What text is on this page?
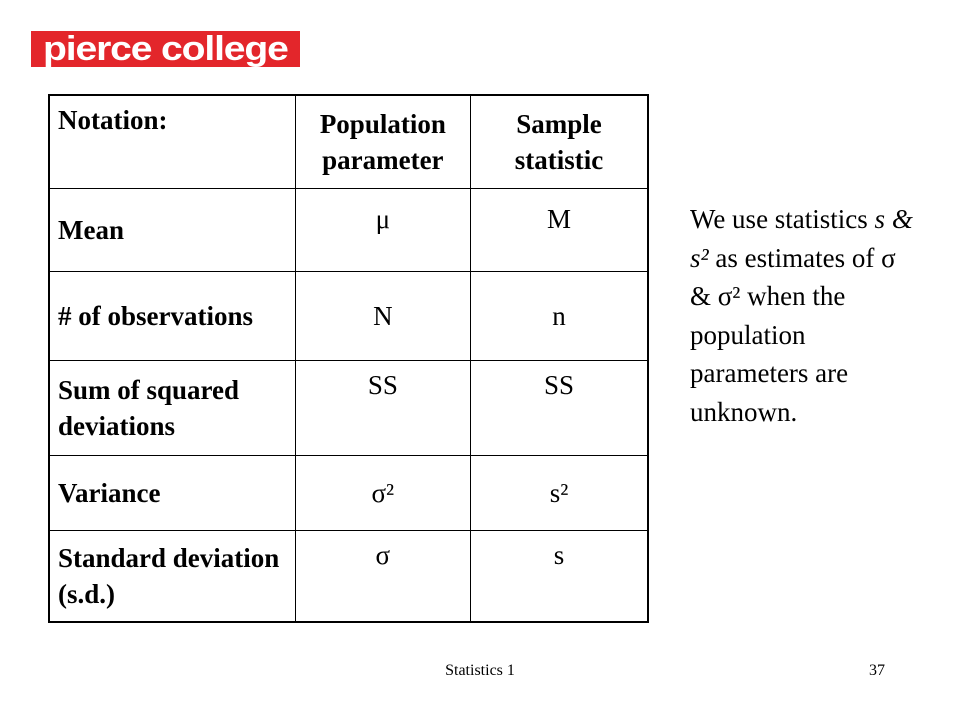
pierce college
Notation:	Population parameter	Sample statistic
Mean	μ	M
# of observations	N	n
Sum of squared deviations	SS	SS
Variance	σ²	s²
Standard deviation (s.d.)	σ	s
We use statistics s & s² as estimates of σ & σ² when the population parameters are unknown.
Statistics 1	37
